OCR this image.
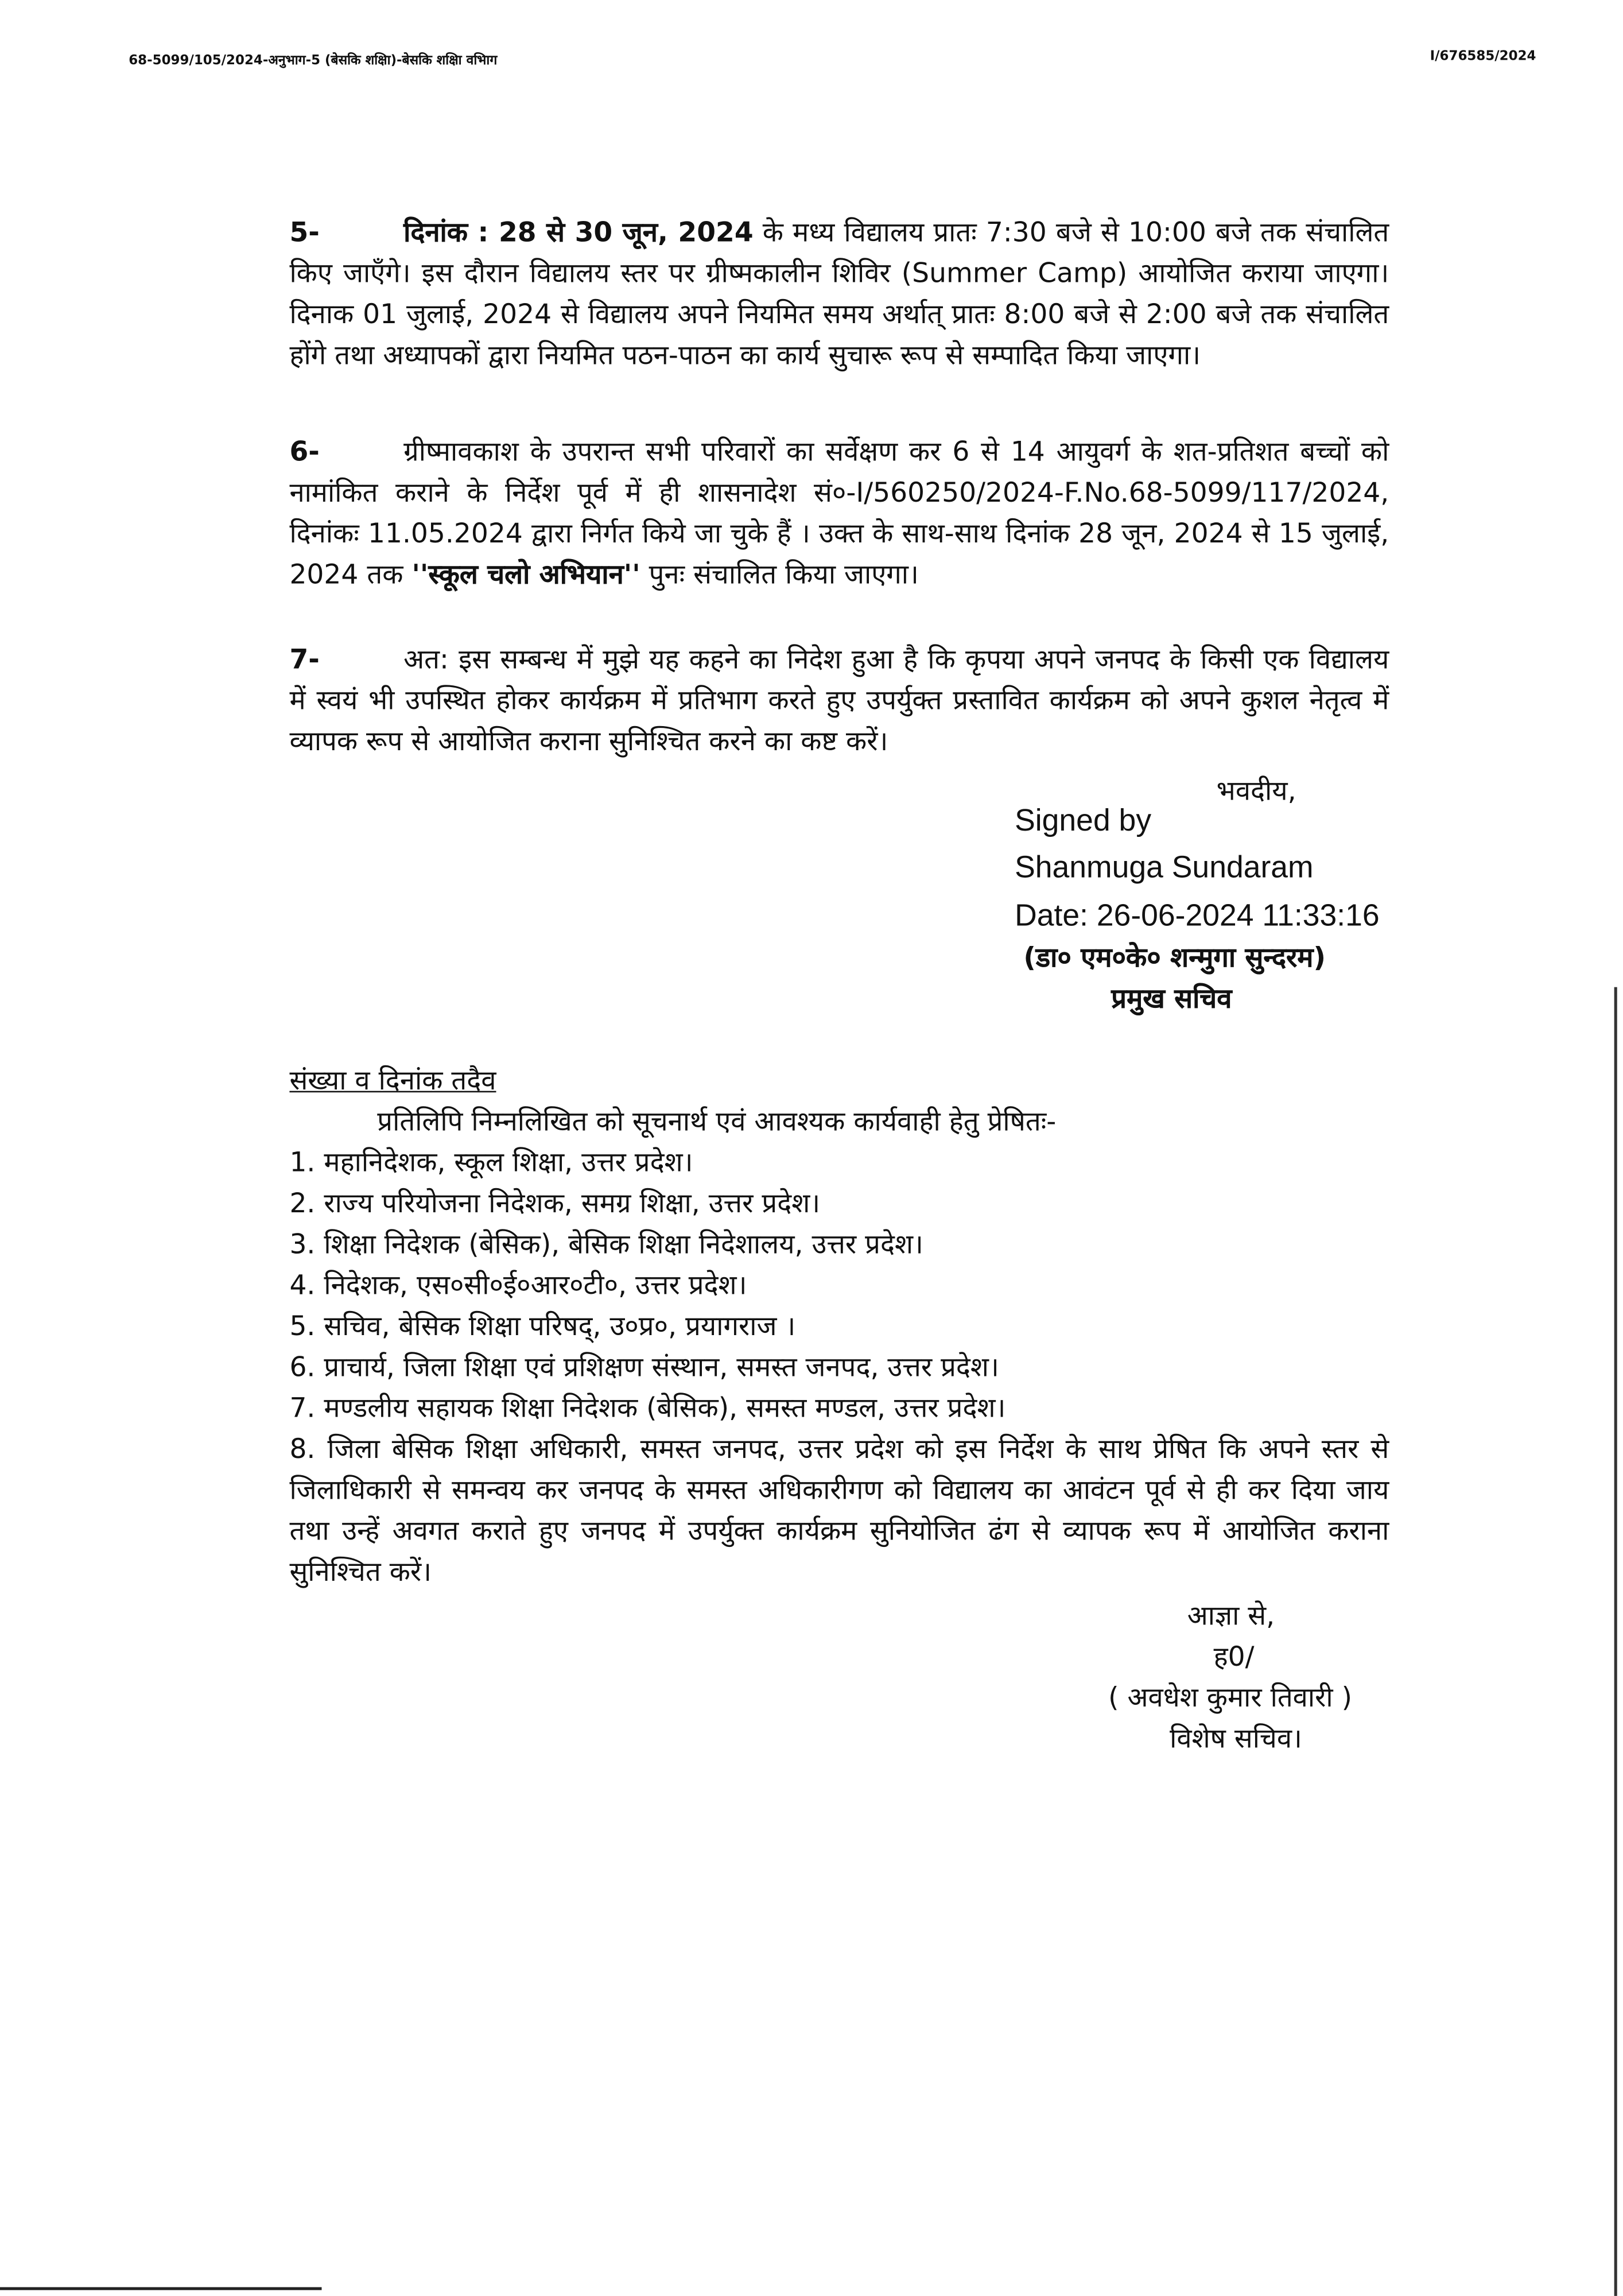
68-5099/105/2024-अनुभाग-5 (बेसकि शक्षिा)-बेसकि शक्षिा वभिाग	I/676585/2024
5-	दिनांक : 28 से 30 जून, 2024 के मध्य विद्यालय प्रातः 7:30 बजे से 10:00 बजे तक संचालित किए जाएँगे। इस दौरान विद्यालय स्तर पर ग्रीष्मकालीन शिविर (Summer Camp) आयोजित कराया जाएगा। दिनाक 01 जुलाई, 2024 से विद्यालय अपने नियमित समय अर्थात् प्रातः 8:00 बजे से 2:00 बजे तक संचालित होंगे तथा अध्यापकों द्वारा नियमित पठन-पाठन का कार्य सुचारू रूप से सम्पादित किया जाएगा।
6-	ग्रीष्मावकाश के उपरान्त सभी परिवारों का सर्वेक्षण कर 6 से 14 आयुवर्ग के शत-प्रतिशत बच्चों को नामांकित कराने के निर्देश पूर्व में ही शासनादेश सं०-I/560250/2024-F.No.68-5099/117/2024, दिनांकः 11.05.2024 द्वारा निर्गत किये जा चुके हैं । उक्त के साथ-साथ दिनांक 28 जून, 2024 से 15 जुलाई, 2024 तक ''स्कूल चलो अभियान'' पुनः संचालित किया जाएगा।
7-	अत: इस सम्बन्ध में मुझे यह कहने का निदेश हुआ है कि कृपया अपने जनपद के किसी एक विद्यालय में स्वयं भी उपस्थित होकर कार्यक्रम में प्रतिभाग करते हुए उपर्युक्त प्रस्तावित कार्यक्रम को अपने कुशल नेतृत्व में व्यापक रूप से आयोजित कराना सुनिश्चित करने का कष्ट करें।
भवदीय,
Signed by
Shanmuga Sundaram
Date: 26-06-2024 11:33:16
(डा० एम०के० शन्मुगा सुन्दरम)
प्रमुख सचिव
संख्या व दिनांक तदैव
प्रतिलिपि निम्नलिखित को सूचनार्थ एवं आवश्यक कार्यवाही हेतु प्रेषितः-
1. महानिदेशक, स्कूल शिक्षा, उत्तर प्रदेश।
2. राज्य परियोजना निदेशक, समग्र शिक्षा, उत्तर प्रदेश।
3. शिक्षा निदेशक (बेसिक), बेसिक शिक्षा निदेशालय, उत्तर प्रदेश।
4. निदेशक, एस०सी०ई०आर०टी०, उत्तर प्रदेश।
5. सचिव, बेसिक शिक्षा परिषद्, उ०प्र०, प्रयागराज ।
6. प्राचार्य, जिला शिक्षा एवं प्रशिक्षण संस्थान, समस्त जनपद, उत्तर प्रदेश।
7. मण्डलीय सहायक शिक्षा निदेशक (बेसिक), समस्त मण्डल, उत्तर प्रदेश।
8. जिला बेसिक शिक्षा अधिकारी, समस्त जनपद, उत्तर प्रदेश को इस निर्देश के साथ प्रेषित कि अपने स्तर से जिलाधिकारी से समन्वय कर जनपद के समस्त अधिकारीगण को विद्यालय का आवंटन पूर्व से ही कर दिया जाय तथा उन्हें अवगत कराते हुए जनपद में उपर्युक्त कार्यक्रम सुनियोजित ढंग से व्यापक रूप में आयोजित कराना सुनिश्चित करें।
आज्ञा से,
ह0/
( अवधेश कुमार तिवारी )
विशेष सचिव।
